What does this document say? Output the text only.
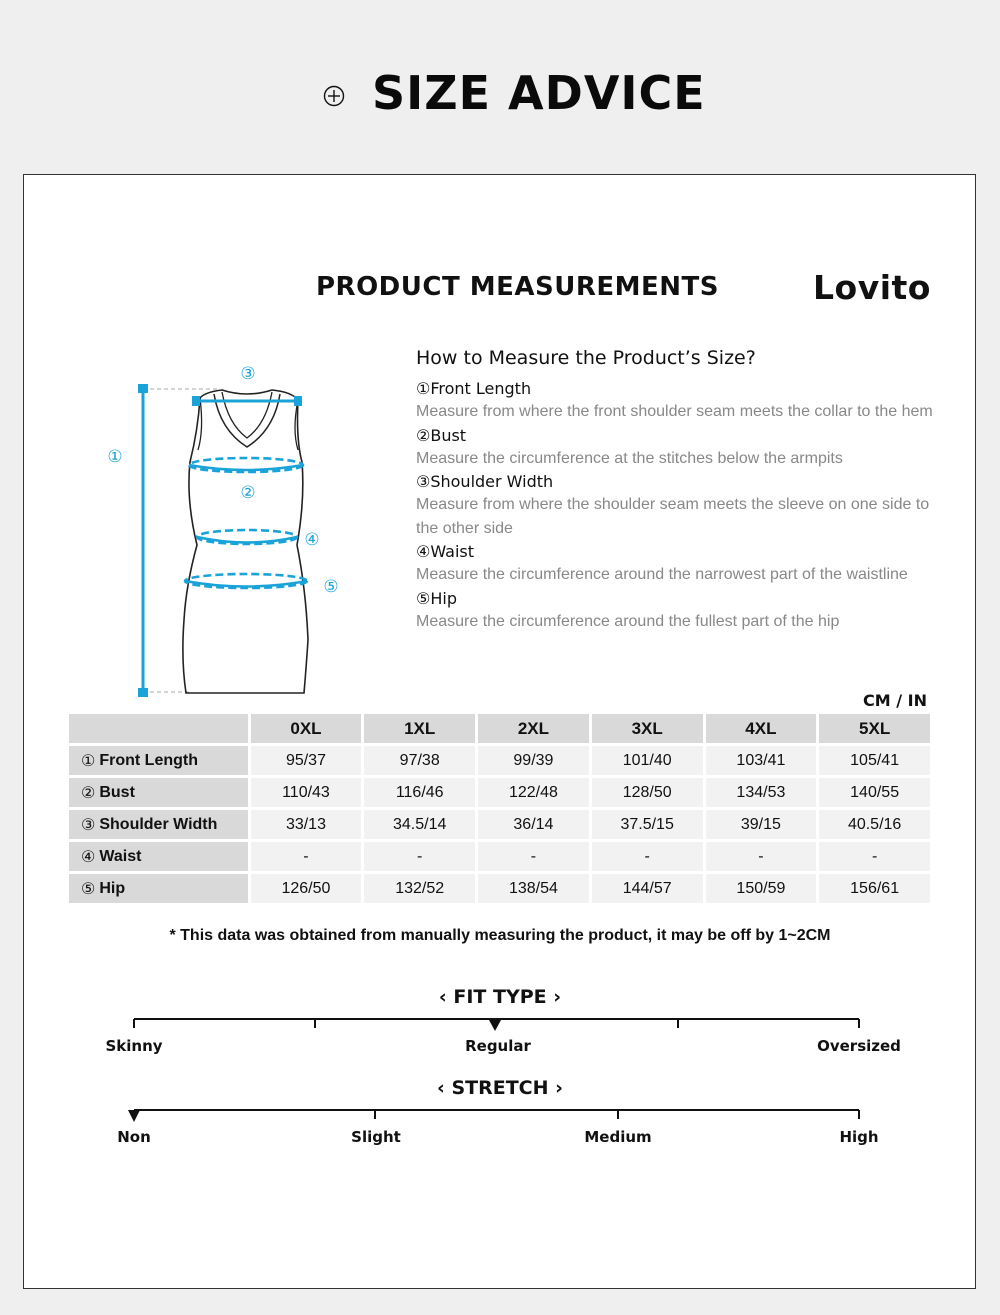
SIZE ADVICE
PRODUCT MEASUREMENTS	Lovito
①
②
③
④
⑤
How to Measure the Product’s Size?
①Front Length
Measure from where the front shoulder seam meets the collar to the hem
②Bust
Measure the circumference at the stitches below the armpits
③Shoulder Width
Measure from where the shoulder seam meets the sleeve on one side to the other side
④Waist
Measure the circumference around the narrowest part of the waistline
⑤Hip
Measure the circumference around the fullest part of the hip
CM / IN
0XL	1XL	2XL	3XL	4XL	5XL
① Front Length	95/37	97/38	99/39	101/40	103/41	105/41
② Bust	110/43	116/46	122/48	128/50	134/53	140/55
③ Shoulder Width	33/13	34.5/14	36/14	37.5/15	39/15	40.5/16
④ Waist	-	-	-	-	-	-
⑤ Hip	126/50	132/52	138/54	144/57	150/59	156/61
* This data was obtained from manually measuring the product, it may be off by 1~2CM
‹ FIT TYPE ›
Skinny	Regular	Oversized
‹ STRETCH ›
Non	Slight	Medium	High
